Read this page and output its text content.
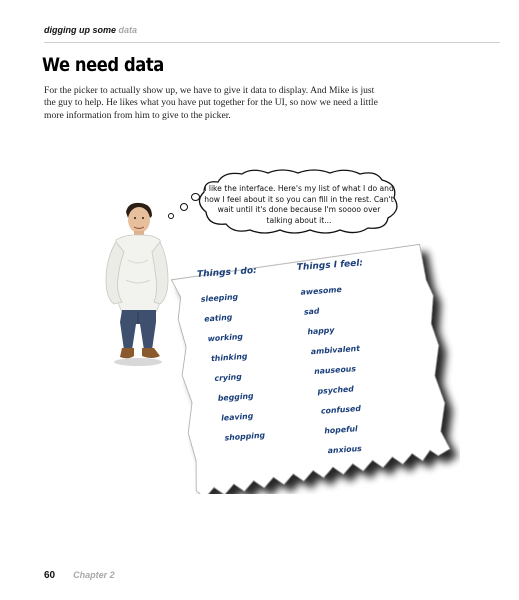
digging up some data
We need data

For the picker to actually show up, we have to give it data to display. And Mike is just the guy to help. He likes what you have put together for the UI, so now we need a little more information from him to give to the picker.

I like the interface. Here's my list of what I do and how I feel about it so you can fill in the rest. Can't wait until it's done because I'm soooo over talking about it...
Things I do:
sleeping
eating
working
thinking
crying
begging
leaving
shopping
Things I feel:
awesome
sad
happy
ambivalent
nauseous
psyched
confused
hopeful
anxious
60 Chapter 2
